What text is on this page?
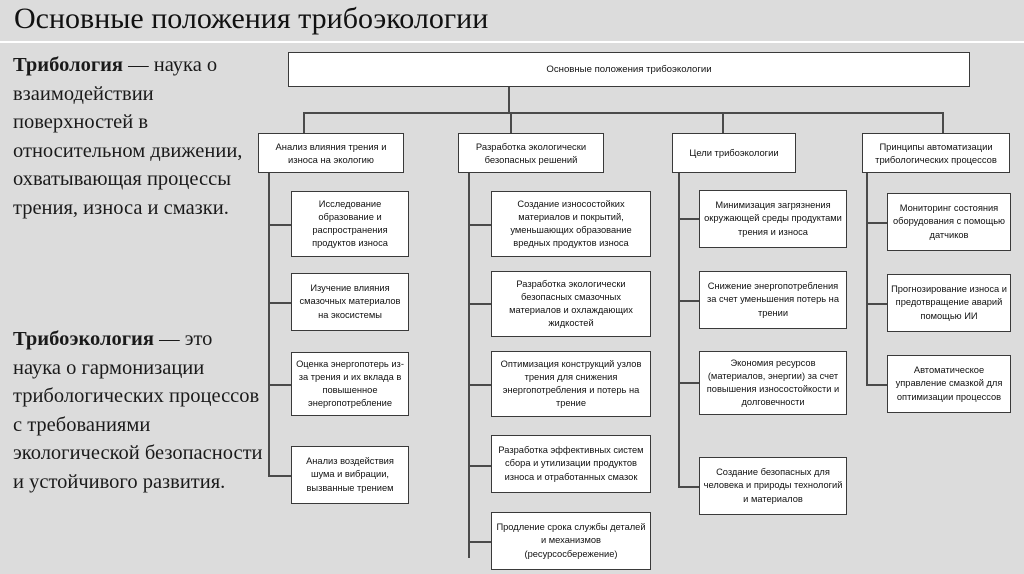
Основные положения трибоэкологии
Трибология — наука о взаимодействии поверхностей в относительном движении, охватывающая процессы трения, износа и смазки.
Трибоэкология — это наука о гармонизации трибологических процессов с требованиями экологической безопасности и устойчивого развития.
Основные положения трибоэкологии
Анализ влияния трения и износа на экологию
Исследование образование и распространения продуктов износа
Изучение влияния смазочных материалов на экосистемы
Оценка энергопотерь из-за трения и их вклада в повышенное энергопотребление
Анализ воздействия шума и вибрации, вызванные трением
Разработка экологически безопасных решений
Создание износостойких материалов и покрытий, уменьшающих образование вредных продуктов износа
Разработка экологически безопасных смазочных материалов и охлаждающих жидкостей
Оптимизация конструкций узлов трения для снижения энергопотребления и потерь на трение
Разработка эффективных систем сбора и утилизации продуктов износа и отработанных смазок
Продление срока службы деталей и механизмов (ресурсосбережение)
Цели трибоэкологии
Минимизация загрязнения окружающей среды продуктами трения и износа
Снижение энергопотребления за счет уменьшения потерь на трении
Экономия ресурсов (материалов, энергии) за счет повышения износостойкости и долговечности
Создание безопасных для человека и природы технологий и материалов
Принципы автоматизации трибологических процессов
Мониторинг состояния оборудования с помощью датчиков
Прогнозирование износа и предотвращение аварий помощью ИИ
Автоматическое управление смазкой для оптимизации процессов
